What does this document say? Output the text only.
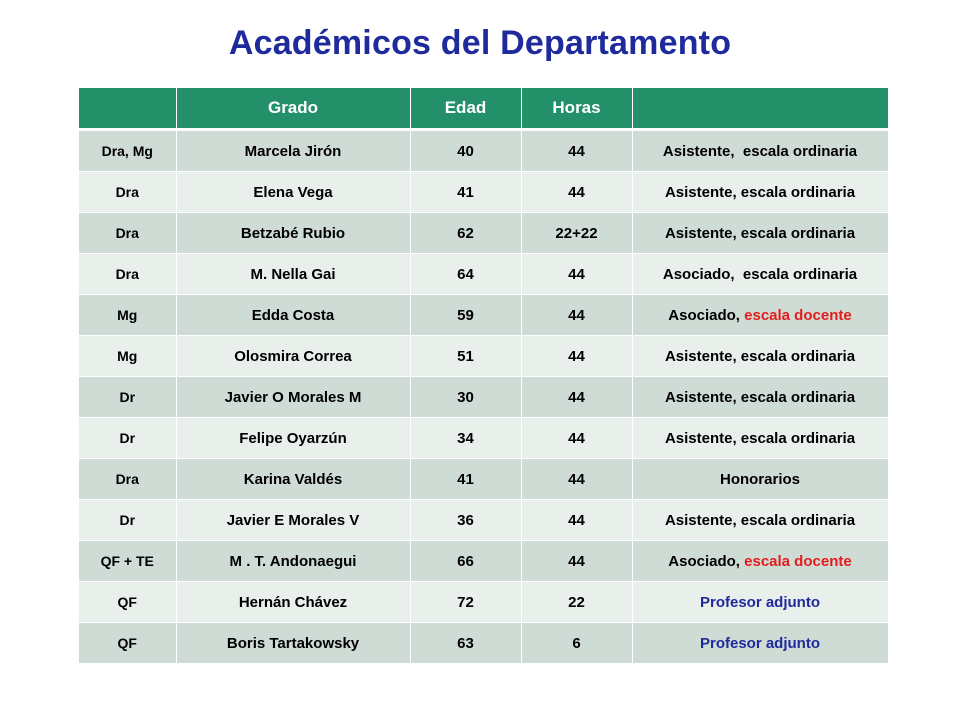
Académicos del Departamento
	Grado	Edad	Horas	
Dra, Mg	Marcela Jirón	40	44	Asistente,  escala ordinaria
Dra	Elena Vega	41	44	Asistente, escala ordinaria
Dra	Betzabé Rubio	62	22+22	Asistente, escala ordinaria
Dra	M. Nella Gai	64	44	Asociado,  escala ordinaria
Mg	Edda Costa	59	44	Asociado, escala docente
Mg	Olosmira Correa	51	44	Asistente, escala ordinaria
Dr	Javier O Morales M	30	44	Asistente, escala ordinaria
Dr	Felipe Oyarzún	34	44	Asistente, escala ordinaria
Dra	Karina Valdés	41	44	Honorarios
Dr	Javier E Morales V	36	44	Asistente, escala ordinaria
QF + TE	M . T. Andonaegui	66	44	Asociado, escala docente
QF	Hernán Chávez	72	22	Profesor adjunto
QF	Boris Tartakowsky	63	6	Profesor adjunto
